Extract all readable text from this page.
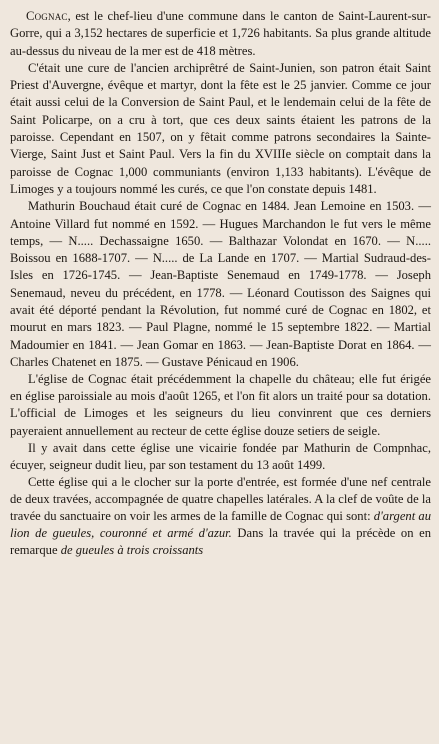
Cognac, est le chef-lieu d'une commune dans le canton de Saint-Laurent-sur-Gorre, qui a 3,152 hectares de superficie et 1,726 habitants. Sa plus grande altitude au-dessus du niveau de la mer est de 418 mètres.

C'était une cure de l'ancien archiprêtré de Saint-Junien, son patron était Saint Priest d'Auvergne, évêque et martyr, dont la fête est le 25 janvier. Comme ce jour était aussi celui de la Conversion de Saint Paul, et le lendemain celui de la fête de Saint Policarpe, on a cru à tort, que ces deux saints étaient les patrons de la paroisse. Cependant en 1507, on y fêtait comme patrons secondaires la Sainte-Vierge, Saint Just et Saint Paul. Vers la fin du XVIIIe siècle on comptait dans la paroisse de Cognac 1,000 communiants (environ 1,133 habitants). L'évêque de Limoges y a toujours nommé les curés, ce que l'on constate depuis 1481.

Mathurin Bouchaud était curé de Cognac en 1484. Jean Lemoine en 1503. — Antoine Villard fut nommé en 1592. — Hugues Marchandon le fut vers le même temps, — N..... Dechassaigne 1650. — Balthazar Volondat en 1670. — N..... Boissou en 1688-1707. — N..... de La Lande en 1707. — Martial Sudraud-des-Isles en 1726-1745. — Jean-Baptiste Senemaud en 1749-1778. — Joseph Senemaud, neveu du précédent, en 1778. — Léonard Coutisson des Saignes qui avait été déporté pendant la Révolution, fut nommé curé de Cognac en 1802, et mourut en mars 1823. — Paul Plagne, nommé le 15 septembre 1822. — Martial Madoumier en 1841. — Jean Gomar en 1863. — Jean-Baptiste Dorat en 1864. — Charles Chatenet en 1875. — Gustave Pénicaud en 1906.

L'église de Cognac était précédemment la chapelle du château; elle fut érigée en église paroissiale au mois d'août 1265, et l'on fit alors un traité pour sa dotation. L'official de Limoges et les seigneurs du lieu convinrent que ces derniers payeraient annuellement au recteur de cette église douze setiers de seigle.

Il y avait dans cette église une vicairie fondée par Mathurin de Compnhac, écuyer, seigneur dudit lieu, par son testament du 13 août 1499.

Cette église qui a le clocher sur la porte d'entrée, est formée d'une nef centrale de deux travées, accompagnée de quatre chapelles latérales. A la clef de voûte de la travée du sanctuaire on voir les armes de la famille de Cognac qui sont: d'argent au lion de gueules, couronné et armé d'azur. Dans la travée qui la précède on en remarque de gueules à trois croissants
